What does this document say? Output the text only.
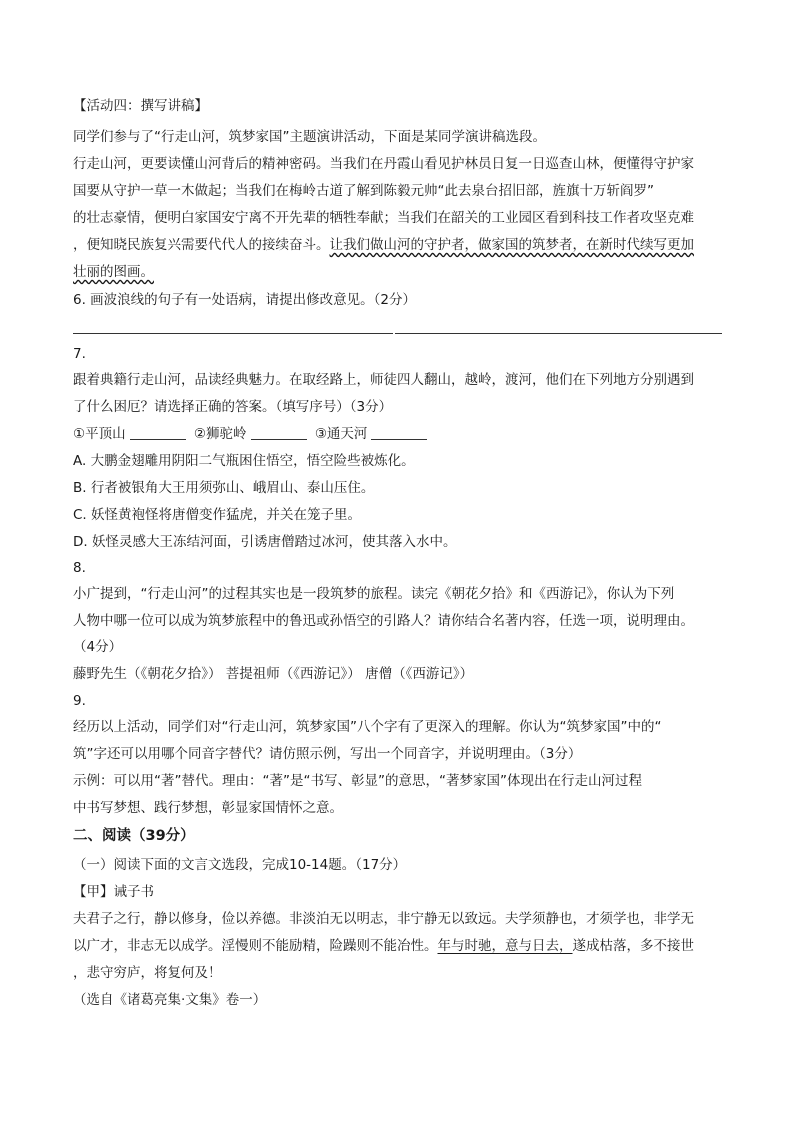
【活动四：撰写讲稿】
同学们参与了“行走山河，筑梦家国”主题演讲活动，下面是某同学演讲稿选段。
行走山河，更要读懂山河背后的精神密码。当我们在丹霞山看见护林员日复一日巡查山林，便懂得守护家
国要从守护一草一木做起；当我们在梅岭古道了解到陈毅元帅“此去泉台招旧部，旌旗十万斩阎罗”
的壮志豪情，便明白家国安宁离不开先辈的牺牲奉献；当我们在韶关的工业园区看到科技工作者攻坚克难
，便知晓民族复兴需要代代人的接续奋斗。让我们做山河的守护者，做家国的筑梦者，在新时代续写更加
壮丽的图画。
6. 画波浪线的句子有一处语病，请提出修改意见。（2分）
7.
跟着典籍行走山河，品读经典魅力。在取经路上，师徒四人翻山，越岭，渡河，他们在下列地方分别遇到
了什么困厄？请选择正确的答案。（填写序号）（3分）
①平顶山	②狮驼岭	③通天河
A. 大鹏金翅雕用阴阳二气瓶困住悟空，悟空险些被炼化。
B. 行者被银角大王用须弥山、峨眉山、泰山压住。
C. 妖怪黄袍怪将唐僧变作猛虎，并关在笼子里。
D. 妖怪灵感大王冻结河面，引诱唐僧踏过冰河，使其落入水中。
8.
小广提到，“行走山河”的过程其实也是一段筑梦的旅程。读完《朝花夕拾》和《西游记》，你认为下列
人物中哪一位可以成为筑梦旅程中的鲁迅或孙悟空的引路人？请你结合名著内容，任选一项，说明理由。
（4分）
藤野先生（《朝花夕拾》） 菩提祖师（《西游记》） 唐僧（《西游记》）
9.
经历以上活动，同学们对“行走山河，筑梦家国”八个字有了更深入的理解。你认为“筑梦家国”中的“
筑”字还可以用哪个同音字替代？请仿照示例，写出一个同音字，并说明理由。（3分）
示例：可以用“著”替代。理由：“著”是“书写、彰显”的意思，“著梦家国”体现出在行走山河过程
中书写梦想、践行梦想，彰显家国情怀之意。
二、阅读（39分）
（一）阅读下面的文言文选段，完成10-14题。（17分）
【甲】诫子书
夫君子之行，静以修身，俭以养德。非淡泊无以明志，非宁静无以致远。夫学须静也，才须学也，非学无
以广才，非志无以成学。淫慢则不能励精，险躁则不能冶性。年与时驰，意与日去，遂成枯落，多不接世
，悲守穷庐，将复何及！
（选自《诸葛亮集·文集》卷一）
